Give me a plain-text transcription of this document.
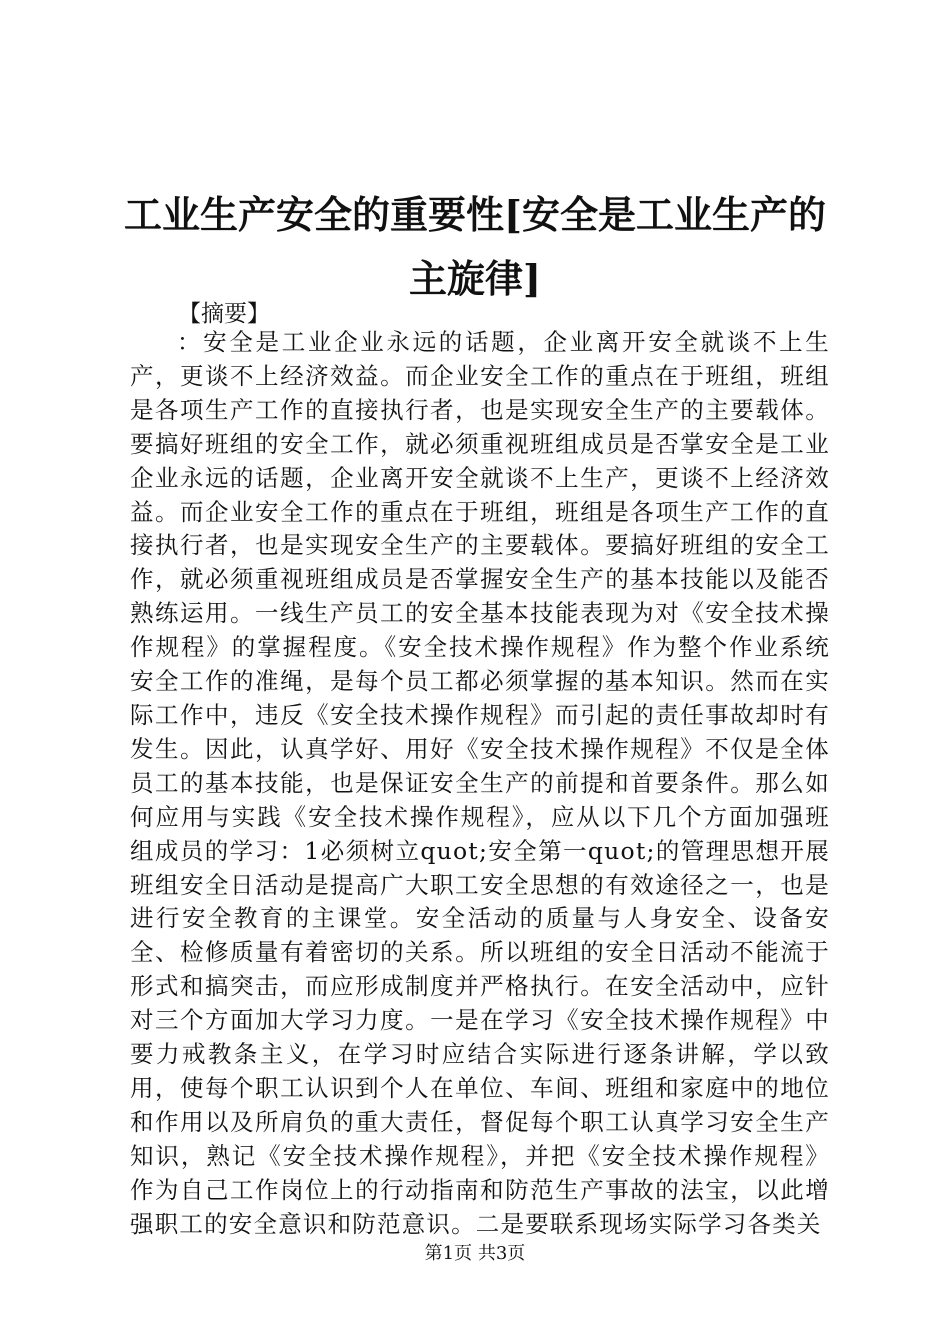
工业生产安全的重要性[安全是工业生产的主旋律]
【摘要】
：安全是工业企业永远的话题，企业离开安全就谈不上生产，更谈不上经济效益。而企业安全工作的重点在于班组，班组是各项生产工作的直接执行者，也是实现安全生产的主要载体。要搞好班组的安全工作，就必须重视班组成员是否掌安全是工业企业永远的话题，企业离开安全就谈不上生产，更谈不上经济效益。而企业安全工作的重点在于班组，班组是各项生产工作的直接执行者，也是实现安全生产的主要载体。要搞好班组的安全工作，就必须重视班组成员是否掌握安全生产的基本技能以及能否熟练运用。一线生产员工的安全基本技能表现为对《安全技术操作规程》的掌握程度。《安全技术操作规程》作为整个作业系统安全工作的准绳，是每个员工都必须掌握的基本知识。然而在实际工作中，违反《安全技术操作规程》而引起的责任事故却时有发生。因此，认真学好、用好《安全技术操作规程》不仅是全体员工的基本技能，也是保证安全生产的前提和首要条件。那么如何应用与实践《安全技术操作规程》，应从以下几个方面加强班组成员的学习：1必须树立quot;安全第一quot;的管理思想开展班组安全日活动是提高广大职工安全思想的有效途径之一，也是进行安全教育的主课堂。安全活动的质量与人身安全、设备安全、检修质量有着密切的关系。所以班组的安全日活动不能流于形式和搞突击，而应形成制度并严格执行。在安全活动中，应针对三个方面加大学习力度。一是在学习《安全技术操作规程》中要力戒教条主义，在学习时应结合实际进行逐条讲解，学以致用，使每个职工认识到个人在单位、车间、班组和家庭中的地位和作用以及所肩负的重大责任，督促每个职工认真学习安全生产知识，熟记《安全技术操作规程》，并把《安全技术操作规程》作为自己工作岗位上的行动指南和防范生产事故的法宝，以此增强职工的安全意识和防范意识。二是要联系现场实际学习各类关
第1页 共3页
